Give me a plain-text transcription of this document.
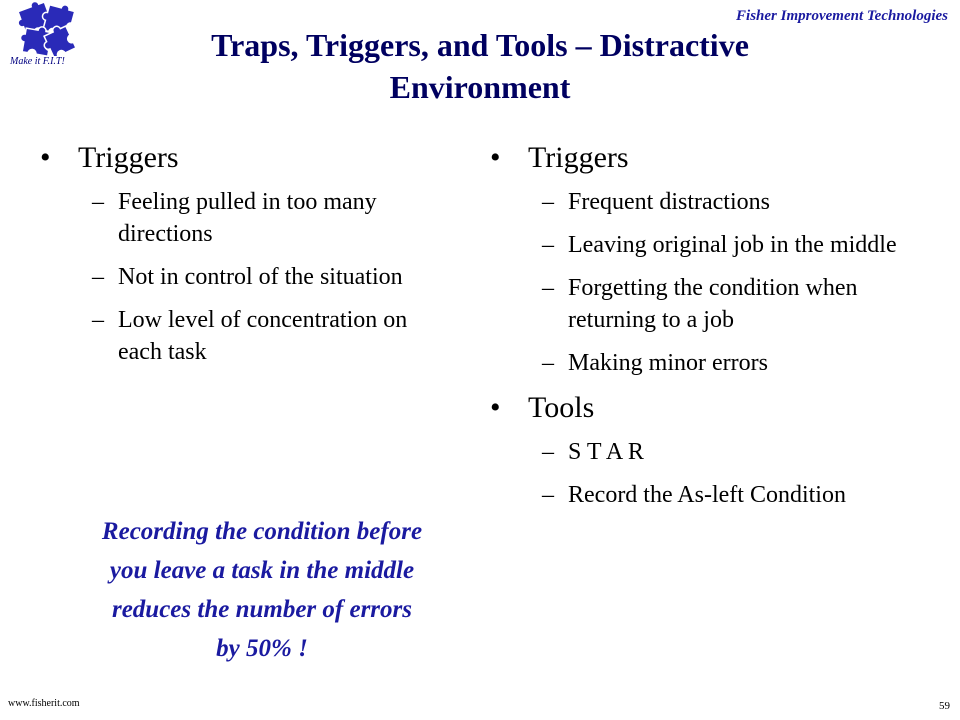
Make it F.I.T!
Fisher Improvement Technologies
Traps, Triggers, and Tools – Distractive
Environment
• Triggers
– Feeling pulled in too many directions
– Not in control of the situation
– Low level of concentration on each task
• Triggers
– Frequent distractions
– Leaving original job in the middle
– Forgetting the condition when returning to a job
– Making minor errors
• Tools
– S T A R
– Record the As-left Condition
Recording the condition before
you leave a task in the middle
reduces the number of errors
by 50% !
www.fisherit.com	59
